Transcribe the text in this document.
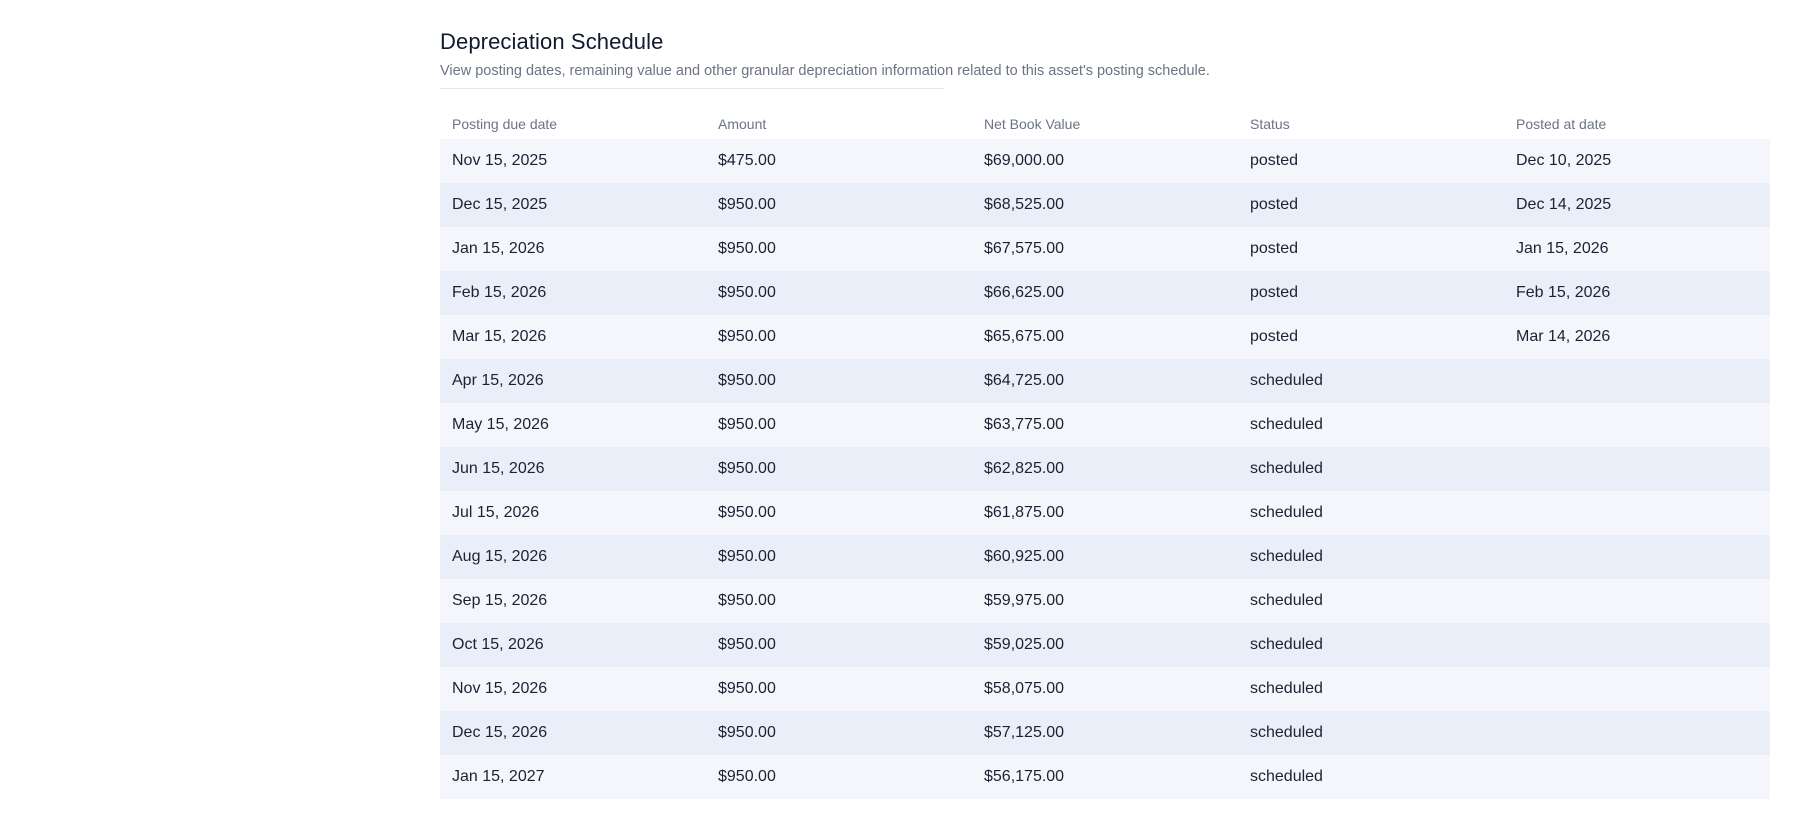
Depreciation Schedule

View posting dates, remaining value and other granular depreciation information related to this asset's posting schedule.

Posting due date	Amount	Net Book Value	Status	Posted at date
Nov 15, 2025	$475.00	$69,000.00	posted	Dec 10, 2025
Dec 15, 2025	$950.00	$68,525.00	posted	Dec 14, 2025
Jan 15, 2026	$950.00	$67,575.00	posted	Jan 15, 2026
Feb 15, 2026	$950.00	$66,625.00	posted	Feb 15, 2026
Mar 15, 2026	$950.00	$65,675.00	posted	Mar 14, 2026
Apr 15, 2026	$950.00	$64,725.00	scheduled	
May 15, 2026	$950.00	$63,775.00	scheduled	
Jun 15, 2026	$950.00	$62,825.00	scheduled	
Jul 15, 2026	$950.00	$61,875.00	scheduled	
Aug 15, 2026	$950.00	$60,925.00	scheduled	
Sep 15, 2026	$950.00	$59,975.00	scheduled	
Oct 15, 2026	$950.00	$59,025.00	scheduled	
Nov 15, 2026	$950.00	$58,075.00	scheduled	
Dec 15, 2026	$950.00	$57,125.00	scheduled	
Jan 15, 2027	$950.00	$56,175.00	scheduled	
